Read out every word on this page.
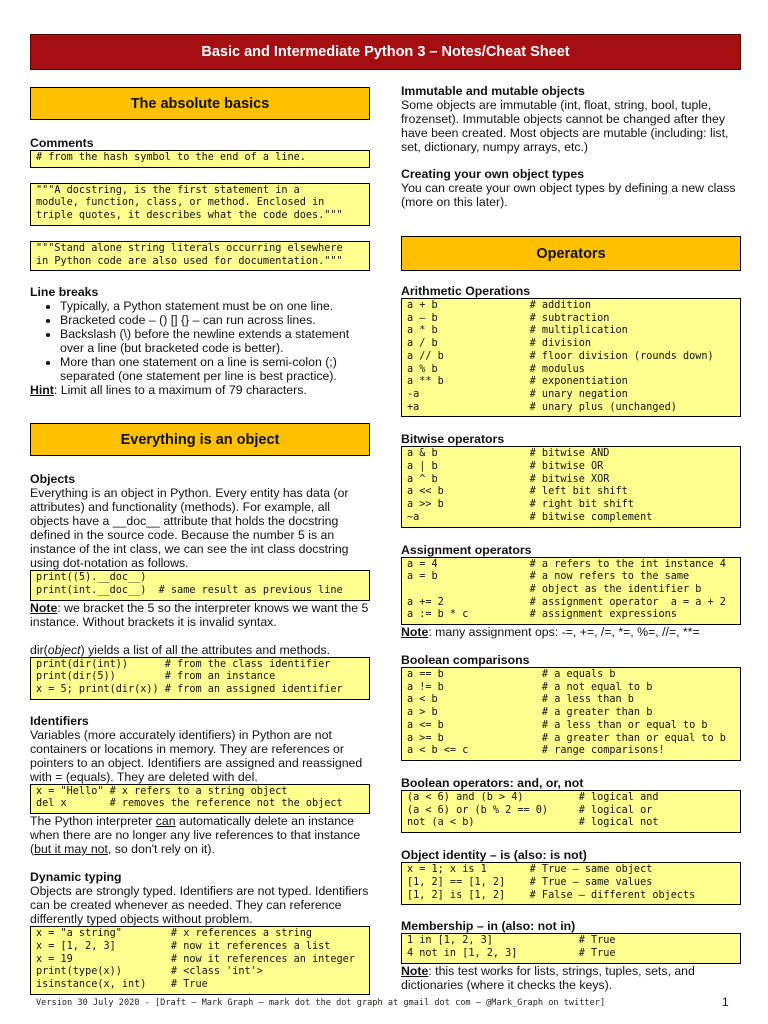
Basic and Intermediate Python 3 – Notes/Cheat Sheet
The absolute basics

Comments

# from the hash symbol to the end of a line.
"""A docstring, is the first statement in a
module, function, class, or method. Enclosed in
triple quotes, it describes what the code does."""
"""Stand alone string literals occurring elsewhere
in Python code are also used for documentation."""

Line breaks

• Typically, a Python statement must be on one line.
• Bracketed code – () [] {} – can run across lines.
• Backslash (\) before the newline extends a statement over a line (but bracketed code is better).
• More than one statement on a line is semi-colon (;) separated (one statement per line is best practice).

Hint: Limit all lines to a maximum of 79 characters.

Everything is an object

Objects

Everything is an object in Python. Every entity has data (or attributes) and functionality (methods). For example, all objects have a __doc__ attribute that holds the docstring defined in the source code. Because the number 5 is an instance of the int class, we can see the int class docstring using dot-notation as follows.

print((5).__doc__)
print(int.__doc__)  # same result as previous line

Note: we bracket the 5 so the interpreter knows we want the 5 instance. Without brackets it is invalid syntax.

dir(object) yields a list of all the attributes and methods.

print(dir(int))      # from the class identifier
print(dir(5))        # from an instance
x = 5; print(dir(x)) # from an assigned identifier

Identifiers

Variables (more accurately identifiers) in Python are not containers or locations in memory. They are references or pointers to an object. Identifiers are assigned and reassigned with = (equals). They are deleted with del.

x = "Hello" # x refers to a string object
del x       # removes the reference not the object

The Python interpreter can automatically delete an instance when there are no longer any live references to that instance (but it may not, so don't rely on it).

Dynamic typing

Objects are strongly typed. Identifiers are not typed. Identifiers can be created whenever as needed. They can reference differently typed objects without problem.

x = "a string"        # x references a string
x = [1, 2, 3]         # now it references a list
x = 19                # now it references an integer
print(type(x))        # <class 'int'>
isinstance(x, int)    # True

Immutable and mutable objects

Some objects are immutable (int, float, string, bool, tuple, frozenset). Immutable objects cannot be changed after they have been created. Most objects are mutable (including: list, set, dictionary, numpy arrays, etc.)

Creating your own object types

You can create your own object types by defining a new class (more on this later).

Operators

Arithmetic Operations

a + b               # addition
a – b               # subtraction
a * b               # multiplication
a / b               # division
a // b              # floor division (rounds down)
a % b               # modulus
a ** b              # exponentiation
-a                  # unary negation
+a                  # unary plus (unchanged)

Bitwise operators

a & b               # bitwise AND
a | b               # bitwise OR
a ^ b               # bitwise XOR
a << b              # left bit shift
a >> b              # right bit shift
~a                  # bitwise complement

Assignment operators

a = 4               # a refers to the int instance 4
a = b               # a now refers to the same
# object as the identifier b
a += 2              # assignment operator  a = a + 2
a := b * c          # assignment expressions

Note: many assignment ops: -=, +=, /=, *=, %=, //=, **=

Boolean comparisons

a == b                # a equals b
a != b                # a not equal to b
a < b                 # a less than b
a > b                 # a greater than b
a <= b                # a less than or equal to b
a >= b                # a greater than or equal to b
a < b <= c            # range comparisons!

Boolean operators: and, or, not

(a < 6) and (b > 4)         # logical and
(a < 6) or (b % 2 == 0)     # logical or
not (a < b)                 # logical not

Object identity – is (also: is not)

x = 1; x is 1       # True – same object
[1, 2] == [1, 2]    # True – same values
[1, 2] is [1, 2]    # False – different objects

Membership – in (also: not in)

1 in [1, 2, 3]              # True
4 not in [1, 2, 3]          # True

Note: this test works for lists, strings, tuples, sets, and dictionaries (where it checks the keys).

Version 30 July 2020 - [Draft – Mark Graph – mark dot the dot graph at gmail dot com – @Mark_Graph on twitter]	1
